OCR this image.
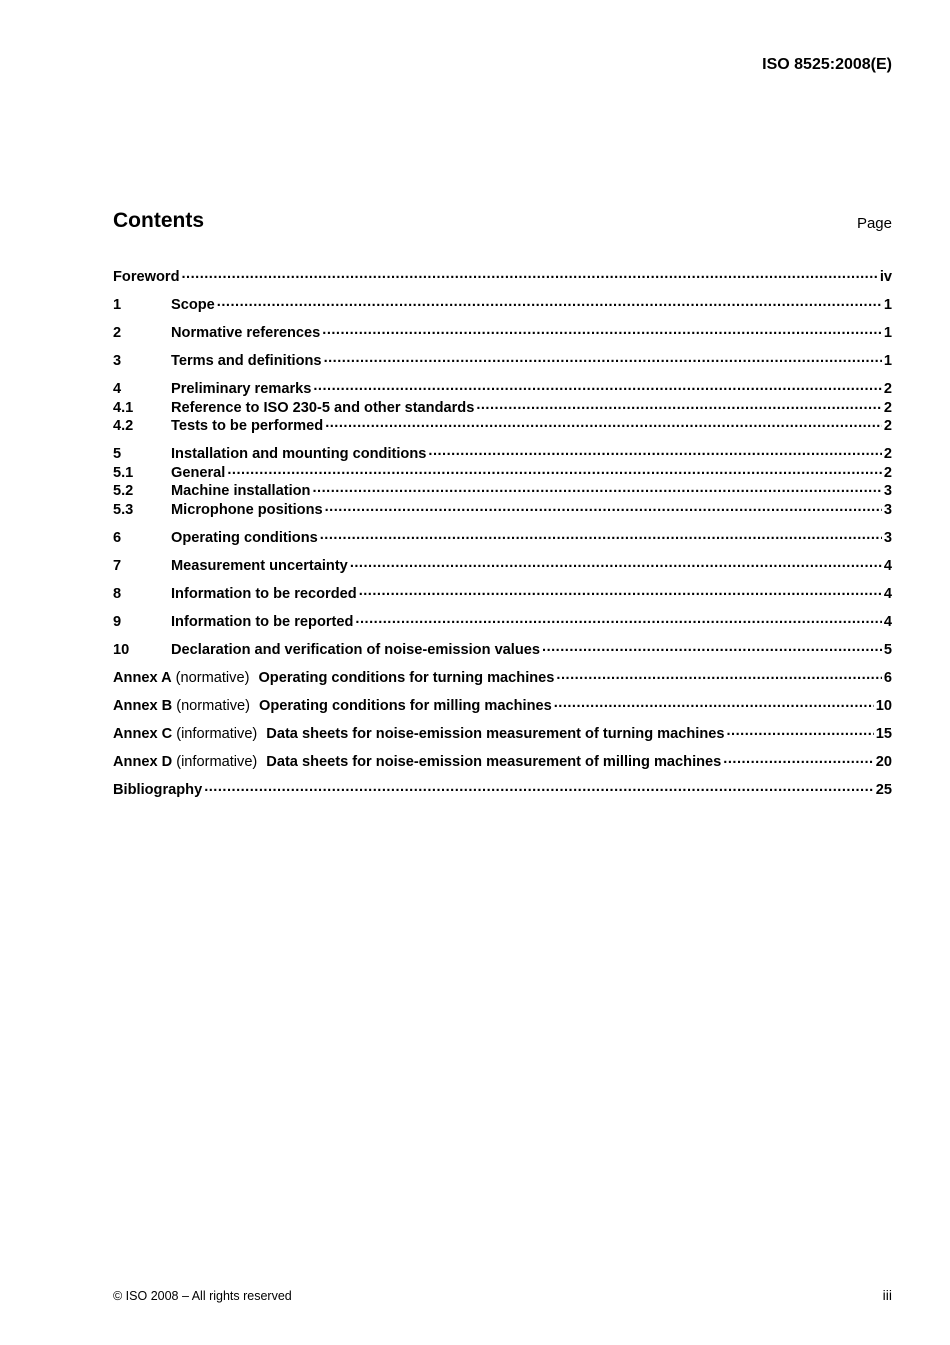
ISO 8525:2008(E)
Contents	Page
Foreword .....	iv
1	Scope .....	1
2	Normative references .....	1
3	Terms and definitions .....	1
4	Preliminary remarks .....	2
4.1	Reference to ISO 230-5 and other standards .....	2
4.2	Tests to be performed .....	2
5	Installation and mounting conditions .....	2
5.1	General .....	2
5.2	Machine installation .....	3
5.3	Microphone positions .....	3
6	Operating conditions .....	3
7	Measurement uncertainty .....	4
8	Information to be recorded .....	4
9	Information to be reported .....	4
10	Declaration and verification of noise-emission values .....	5
Annex A (normative) Operating conditions for turning machines .....	6
Annex B (normative) Operating conditions for milling machines .....	10
Annex C (informative) Data sheets for noise-emission measurement of turning machines .....	15
Annex D (informative) Data sheets for noise-emission measurement of milling machines .....	20
Bibliography .....	25
© ISO 2008 – All rights reserved	iii
